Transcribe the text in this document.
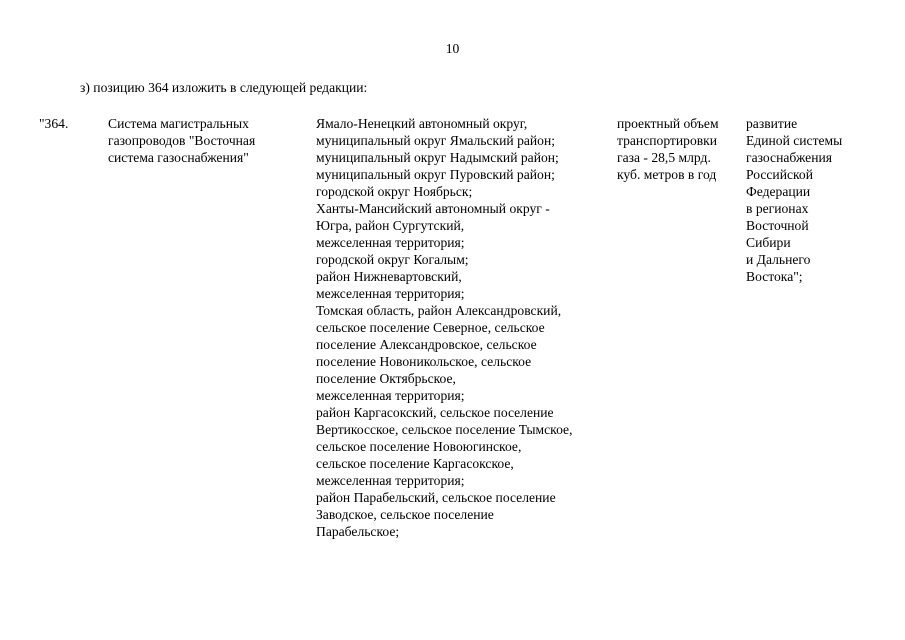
10
з) позицию 364 изложить в следующей редакции:
"364.	Система магистральных
газопроводов "Восточная
система газоснабжения"
Ямало-Ненецкий автономный округ,
муниципальный округ Ямальский район;
муниципальный округ Надымский район;
муниципальный округ Пуровский район;
городской округ Ноябрьск;
Ханты-Мансийский автономный округ -
Югра, район Сургутский,
межселенная территория;
городской округ Когалым;
район Нижневартовский,
межселенная территория;
Томская область, район Александровский,
сельское поселение Северное, сельское
поселение Александровское, сельское
поселение Новоникольское, сельское
поселение Октябрьское,
межселенная территория;
район Каргасокский, сельское поселение
Вертикосское, сельское поселение Тымское,
сельское поселение Новоюгинское,
сельское поселение Каргасокское,
межселенная территория;
район Парабельский, сельское поселение
Заводское, сельское поселение
Парабельское;
проектный объем
транспортировки
газа - 28,5 млрд.
куб. метров в год
развитие
Единой системы
газоснабжения
Российской
Федерации
в регионах
Восточной
Сибири
и Дальнего
Востока";
